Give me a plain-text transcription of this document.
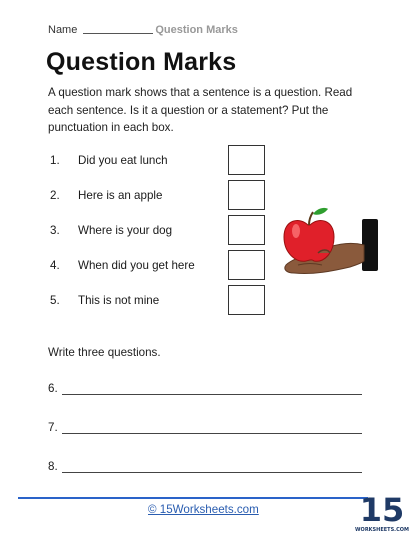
Name	Question Marks
Question Marks
A question mark shows that a sentence is a question. Read each sentence. Is it a question or a statement? Put the punctuation in each box.
1.	Did you eat lunch
2.	Here is an apple
3.	Where is your dog
4.	When did you get here
5.	This is not mine
Write three questions.
6.
7.
8.
© 15Worksheets.com	15
WORKSHEETS.COM
